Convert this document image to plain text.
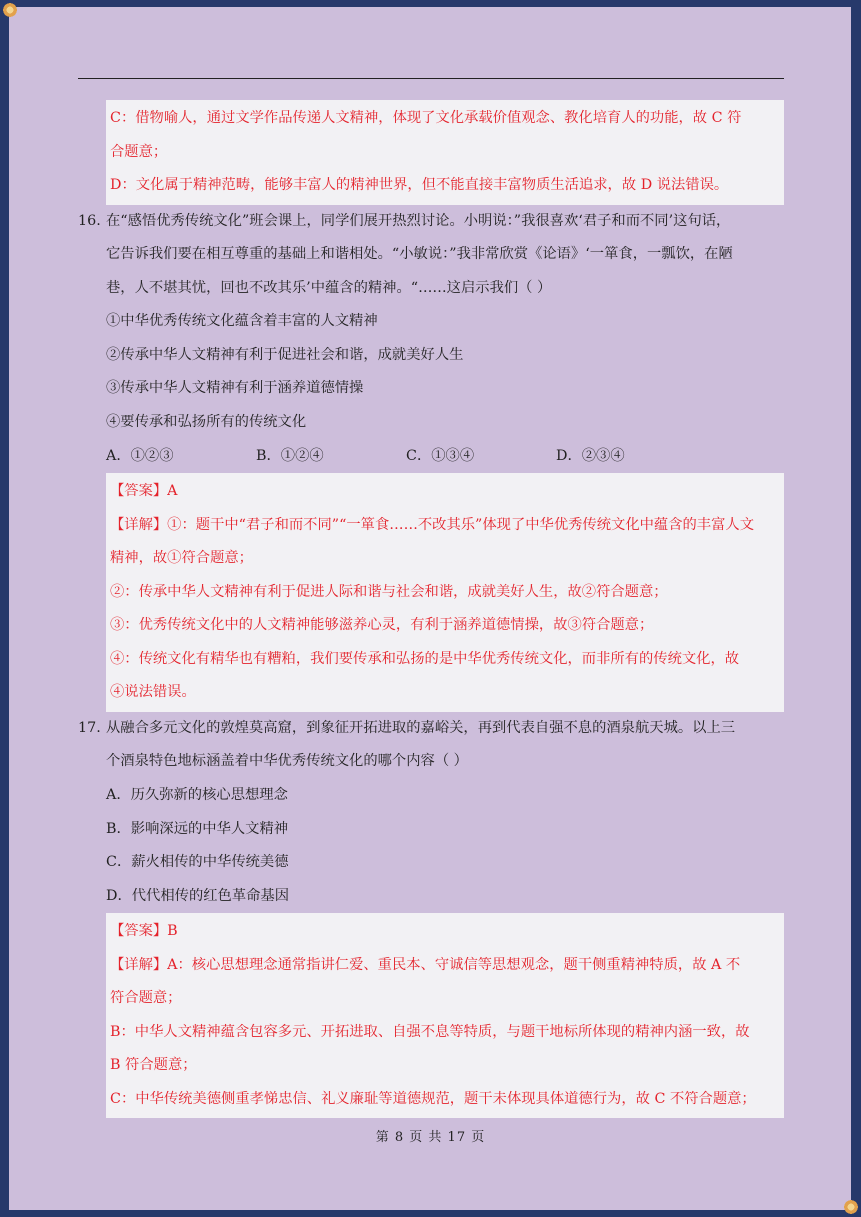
C：借物喻人，通过文学作品传递人文精神，体现了文化承载价值观念、教化培育人的功能，故 C 符
合题意；
D：文化属于精神范畴，能够丰富人的精神世界，但不能直接丰富物质生活追求，故 D 说法错误。
16. 在“感悟优秀传统文化”班会课上，同学们展开热烈讨论。小明说：”我很喜欢‘君子和而不同’这句话，
它告诉我们要在相互尊重的基础上和谐相处。“小敏说：”我非常欣赏《论语》‘一箪食，一瓢饮，在陋
巷，人不堪其忧，回也不改其乐’中蕴含的精神。“……这启示我们（ ）
①中华优秀传统文化蕴含着丰富的人文精神
②传承中华人文精神有利于促进社会和谐，成就美好人生
③传承中华人文精神有利于涵养道德情操
④要传承和弘扬所有的传统文化
A．①②③	B．①②④	C．①③④	D．②③④
【答案】A
【详解】①：题干中“君子和而不同”“一箪食……不改其乐”体现了中华优秀传统文化中蕴含的丰富人文
精神，故①符合题意；
②：传承中华人文精神有利于促进人际和谐与社会和谐，成就美好人生，故②符合题意；
③：优秀传统文化中的人文精神能够滋养心灵，有利于涵养道德情操，故③符合题意；
④：传统文化有精华也有糟粕，我们要传承和弘扬的是中华优秀传统文化，而非所有的传统文化，故
④说法错误。
17. 从融合多元文化的敦煌莫高窟，到象征开拓进取的嘉峪关，再到代表自强不息的酒泉航天城。以上三
个酒泉特色地标涵盖着中华优秀传统文化的哪个内容（ ）
A．历久弥新的核心思想理念
B．影响深远的中华人文精神
C．薪火相传的中华传统美德
D．代代相传的红色革命基因
【答案】B
【详解】A：核心思想理念通常指讲仁爱、重民本、守诚信等思想观念，题干侧重精神特质，故 A 不
符合题意；
B：中华人文精神蕴含包容多元、开拓进取、自强不息等特质，与题干地标所体现的精神内涵一致，故
B 符合题意；
C：中华传统美德侧重孝悌忠信、礼义廉耻等道德规范，题干未体现具体道德行为，故 C 不符合题意；
第 8 页 共 17 页
